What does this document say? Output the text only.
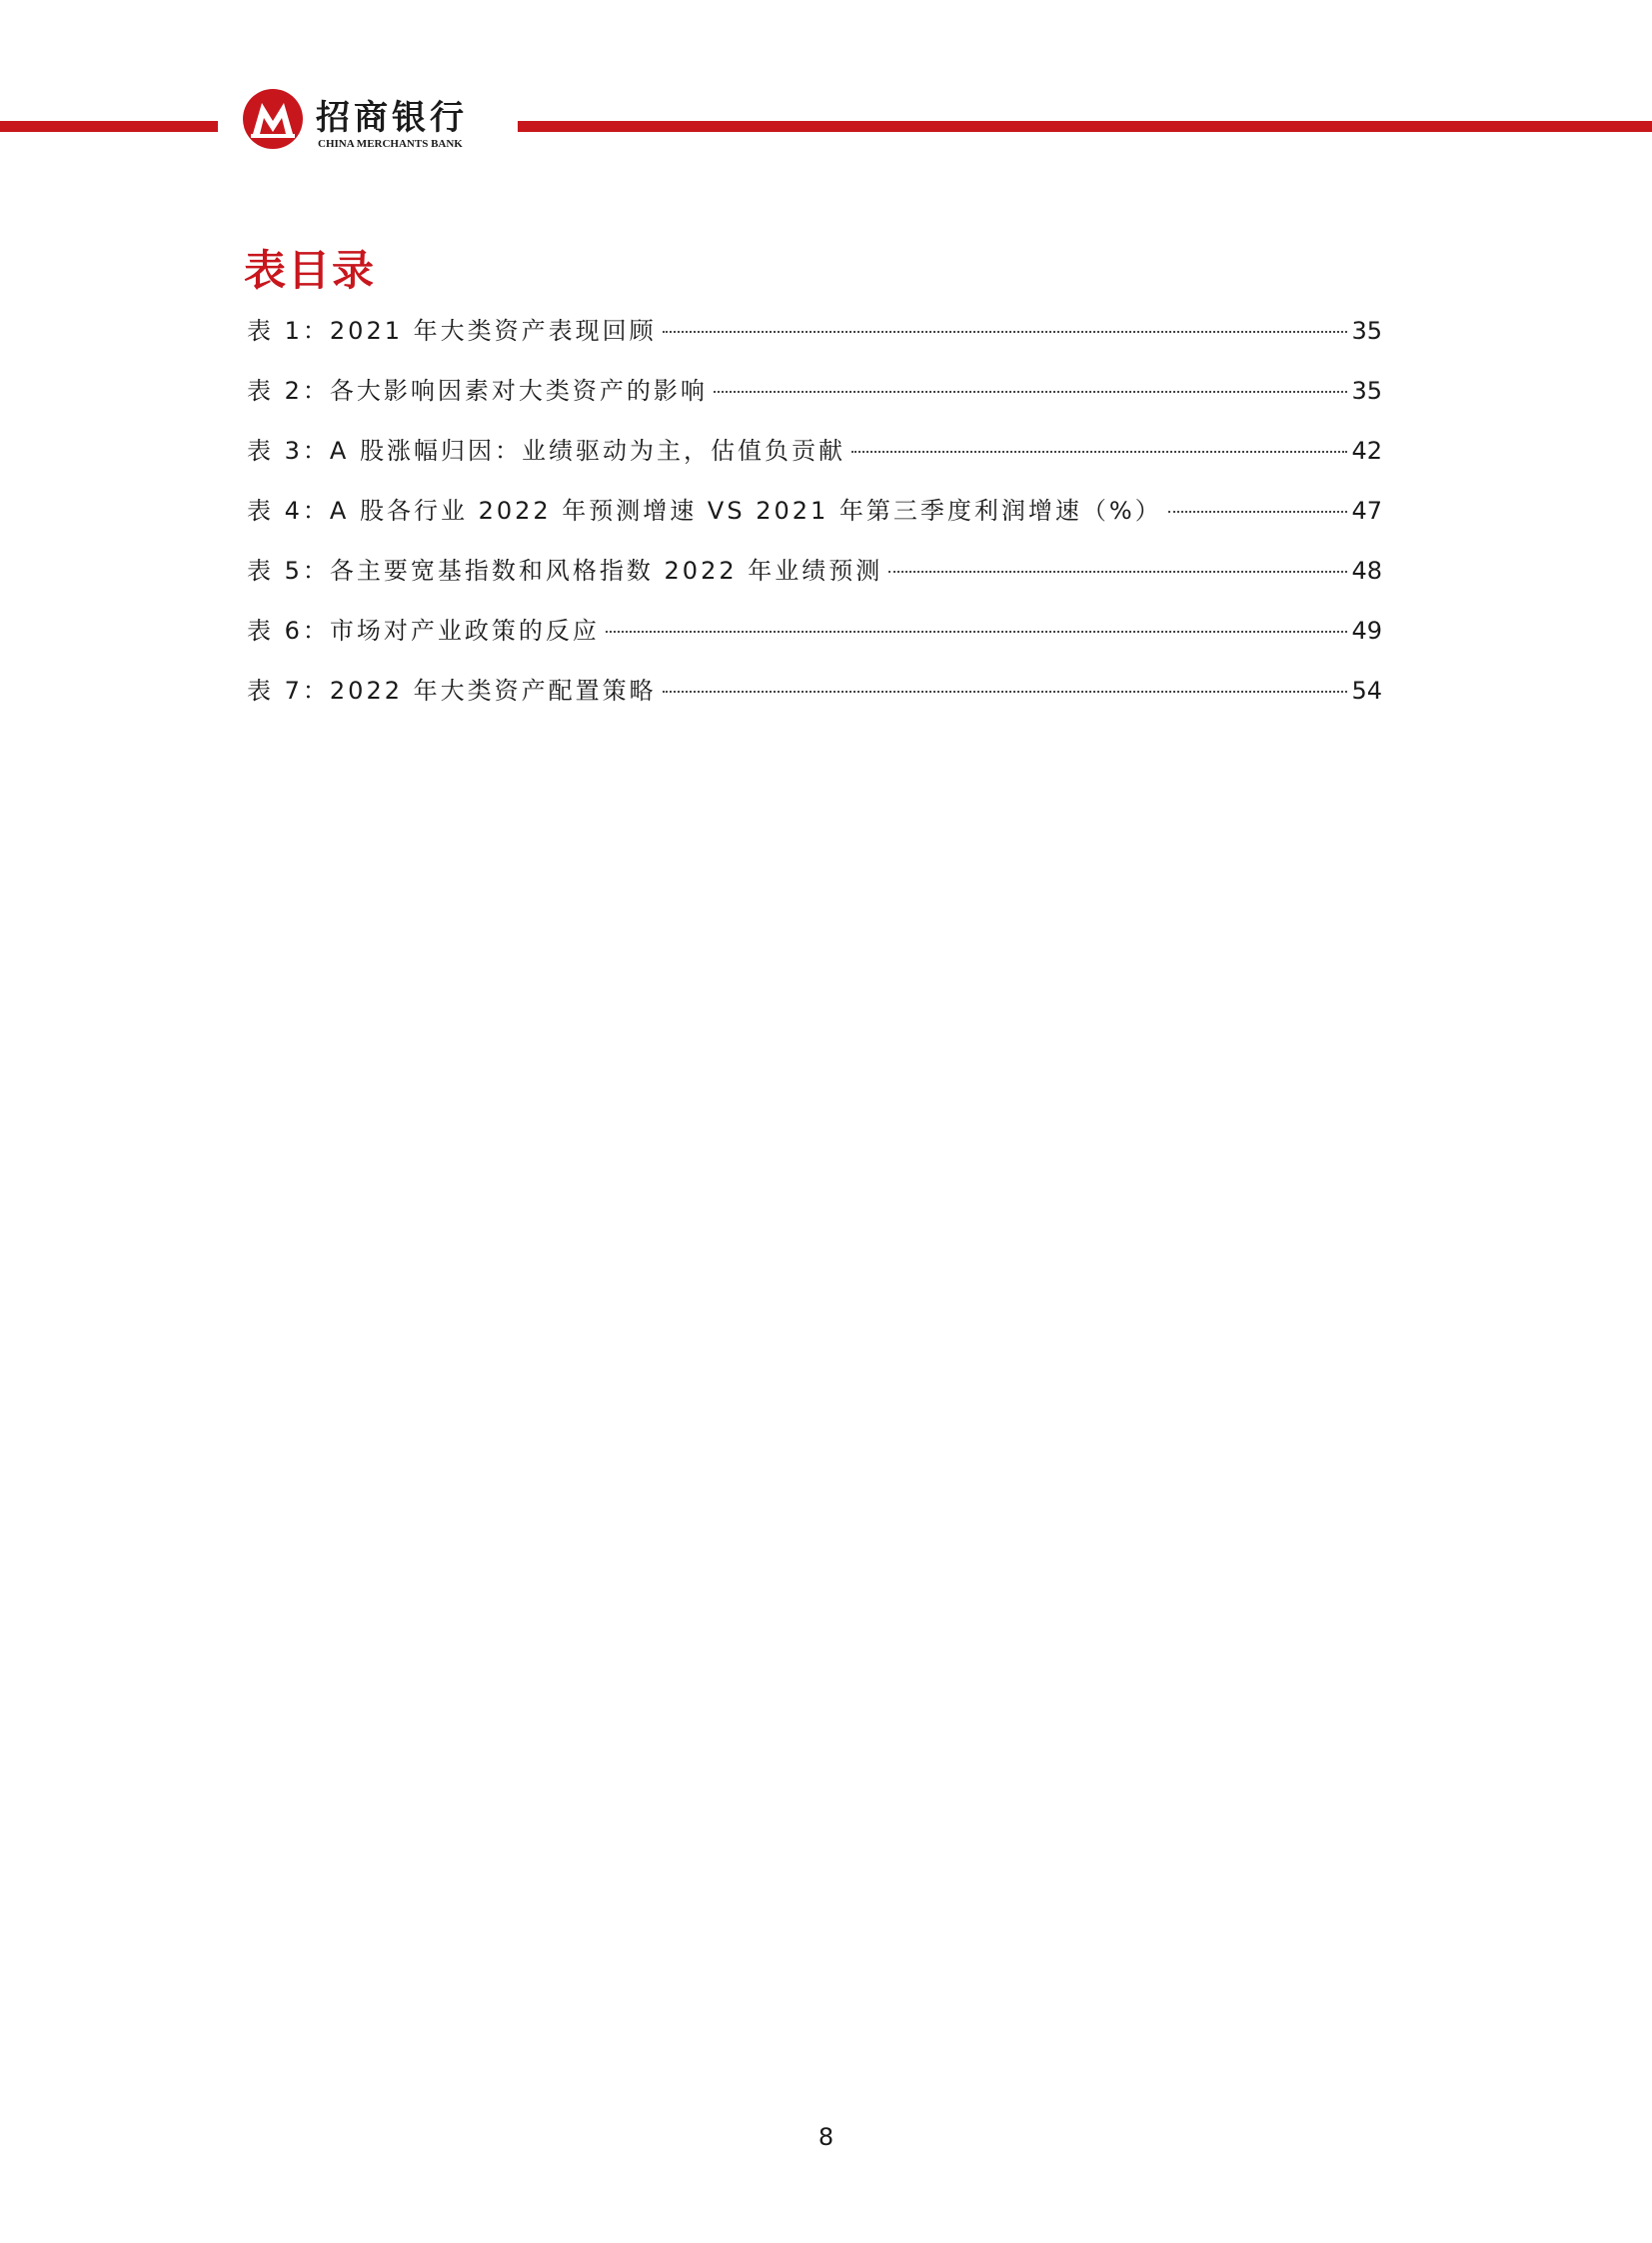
招商银行
CHINA MERCHANTS BANK
表目录
表 1： 2021 年大类资产表现回顾	35
表 2： 各大影响因素对大类资产的影响	35
表 3： A 股涨幅归因：业绩驱动为主，估值负贡献	42
表 4： A 股各行业 2022 年预测增速 VS 2021 年第三季度利润增速（%）	47
表 5： 各主要宽基指数和风格指数 2022 年业绩预测	48
表 6： 市场对产业政策的反应	49
表 7： 2022 年大类资产配置策略	54
8
